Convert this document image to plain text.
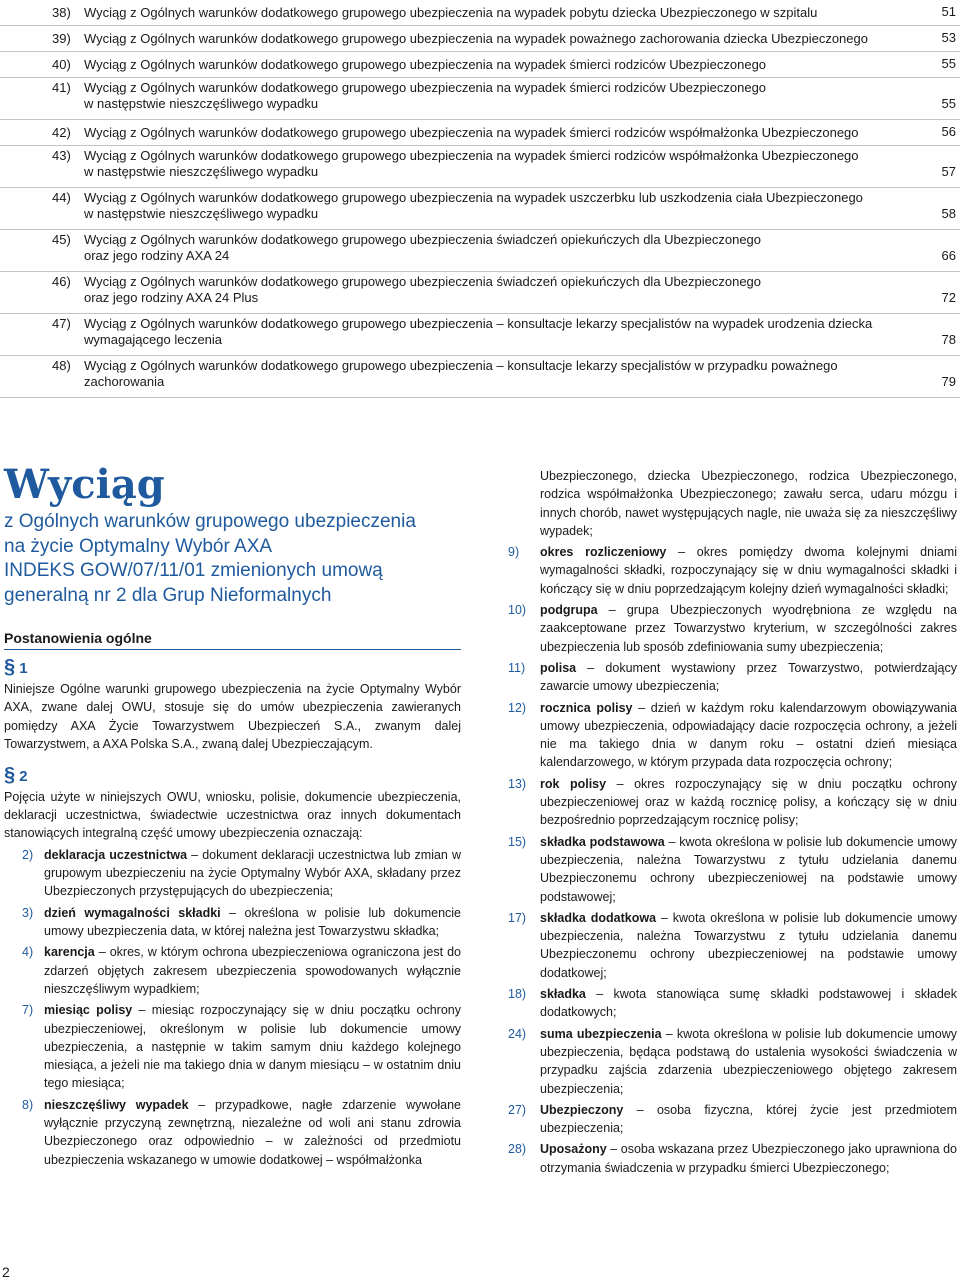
38) Wyciąg z Ogólnych warunków dodatkowego grupowego ubezpieczenia na wypadek pobytu dziecka Ubezpieczonego w szpitalu	51
39) Wyciąg z Ogólnych warunków dodatkowego grupowego ubezpieczenia na wypadek poważnego zachorowania dziecka Ubezpieczonego	53
40) Wyciąg z Ogólnych warunków dodatkowego grupowego ubezpieczenia na wypadek śmierci rodziców Ubezpieczonego	55
41) Wyciąg z Ogólnych warunków dodatkowego grupowego ubezpieczenia na wypadek śmierci rodziców Ubezpieczonego
w następstwie nieszczęśliwego wypadku	55
42) Wyciąg z Ogólnych warunków dodatkowego grupowego ubezpieczenia na wypadek śmierci rodziców współmałżonka Ubezpieczonego	56
43) Wyciąg z Ogólnych warunków dodatkowego grupowego ubezpieczenia na wypadek śmierci rodziców współmałżonka Ubezpieczonego
w następstwie nieszczęśliwego wypadku	57
44) Wyciąg z Ogólnych warunków dodatkowego grupowego ubezpieczenia na wypadek uszczerbku lub uszkodzenia ciała Ubezpieczonego
w następstwie nieszczęśliwego wypadku	58
45) Wyciąg z Ogólnych warunków dodatkowego grupowego ubezpieczenia świadczeń opiekuńczych dla Ubezpieczonego
oraz jego rodziny AXA 24	66
46) Wyciąg z Ogólnych warunków dodatkowego grupowego ubezpieczenia świadczeń opiekuńczych dla Ubezpieczonego
oraz jego rodziny AXA 24 Plus	72
47) Wyciąg z Ogólnych warunków dodatkowego grupowego ubezpieczenia – konsultacje lekarzy specjalistów na wypadek urodzenia dziecka
wymagającego leczenia	78
48) Wyciąg z Ogólnych warunków dodatkowego grupowego ubezpieczenia – konsultacje lekarzy specjalistów w przypadku poważnego
zachorowania	79
Wyciąg
z Ogólnych warunków grupowego ubezpieczenia
na życie Optymalny Wybór AXA
INDEKS GOW/07/11/01 zmienionych umową
generalną nr 2 dla Grup Nieformalnych
Postanowienia ogólne
§ 1

Niniejsze Ogólne warunki grupowego ubezpieczenia na życie Optymalny Wybór AXA, zwane dalej OWU, stosuje się do umów ubezpieczenia zawieranych pomiędzy AXA Życie Towarzystwem Ubezpieczeń S.A., zwanym dalej Towarzystwem, a AXA Polska S.A., zwaną dalej Ubezpieczającym.

§ 2

Pojęcia użyte w niniejszych OWU, wniosku, polisie, dokumencie ubezpieczenia, deklaracji uczestnictwa, świadectwie uczestnictwa oraz innych dokumentach stanowiących integralną część umowy ubezpieczenia oznaczają:

2) deklaracja uczestnictwa – dokument deklaracji uczestnictwa lub zmian w grupowym ubezpieczeniu na życie Optymalny Wybór AXA, składany przez Ubezpieczonych przystępujących do ubezpieczenia;
3) dzień wymagalności składki – określona w polisie lub dokumencie umowy ubezpieczenia data, w której należna jest Towarzystwu składka;
4) karencja – okres, w którym ochrona ubezpieczeniowa ograniczona jest do zdarzeń objętych zakresem ubezpieczenia spowodowanych wyłącznie nieszczęśliwym wypadkiem;
7) miesiąc polisy – miesiąc rozpoczynający się w dniu początku ochrony ubezpieczeniowej, określonym w polisie lub dokumencie umowy ubezpieczenia, a następnie w takim samym dniu każdego kolejnego miesiąca, a jeżeli nie ma takiego dnia w danym miesiącu – w ostatnim dniu tego miesiąca;
8) nieszczęśliwy wypadek – przypadkowe, nagłe zdarzenie wywołane wyłącznie przyczyną zewnętrzną, niezależne od woli ani stanu zdrowia Ubezpieczonego oraz odpowiednio – w zależności od przedmiotu ubezpieczenia wskazanego w umowie dodatkowej – współmałżonka
Ubezpieczonego, dziecka Ubezpieczonego, rodzica Ubezpieczonego, rodzica współmałżonka Ubezpieczonego; zawału serca, udaru mózgu i innych chorób, nawet występujących nagle, nie uważa się za nieszczęśliwy wypadek;
9) okres rozliczeniowy – okres pomiędzy dwoma kolejnymi dniami wymagalności składki, rozpoczynający się w dniu wymagalności składki i kończący się w dniu poprzedzającym kolejny dzień wymagalności składki;
10) podgrupa – grupa Ubezpieczonych wyodrębniona ze względu na zaakceptowane przez Towarzystwo kryterium, w szczególności zakres ubezpieczenia lub sposób zdefiniowania sumy ubezpieczenia;
11) polisa – dokument wystawiony przez Towarzystwo, potwierdzający zawarcie umowy ubezpieczenia;
12) rocznica polisy – dzień w każdym roku kalendarzowym obowiązywania umowy ubezpieczenia, odpowiadający dacie rozpoczęcia ochrony, a jeżeli nie ma takiego dnia w danym roku – ostatni dzień miesiąca kalendarzowego, w którym przypada data rozpoczęcia ochrony;
13) rok polisy – okres rozpoczynający się w dniu początku ochrony ubezpieczeniowej oraz w każdą rocznicę polisy, a kończący się w dniu bezpośrednio poprzedzającym rocznicę polisy;
15) składka podstawowa – kwota określona w polisie lub dokumencie umowy ubezpieczenia, należna Towarzystwu z tytułu udzielania danemu Ubezpieczonemu ochrony ubezpieczeniowej na podstawie umowy podstawowej;
17) składka dodatkowa – kwota określona w polisie lub dokumencie umowy ubezpieczenia, należna Towarzystwu z tytułu udzielania danemu Ubezpieczonemu ochrony ubezpieczeniowej na podstawie umowy dodatkowej;
18) składka – kwota stanowiąca sumę składki podstawowej i składek dodatkowych;
24) suma ubezpieczenia – kwota określona w polisie lub dokumencie umowy ubezpieczenia, będąca podstawą do ustalenia wysokości świadczenia w przypadku zajścia zdarzenia ubezpieczeniowego objętego zakresem ubezpieczenia;
27) Ubezpieczony – osoba fizyczna, której życie jest przedmiotem ubezpieczenia;
28) Uposażony – osoba wskazana przez Ubezpieczonego jako uprawniona do otrzymania świadczenia w przypadku śmierci Ubezpieczonego;
2
